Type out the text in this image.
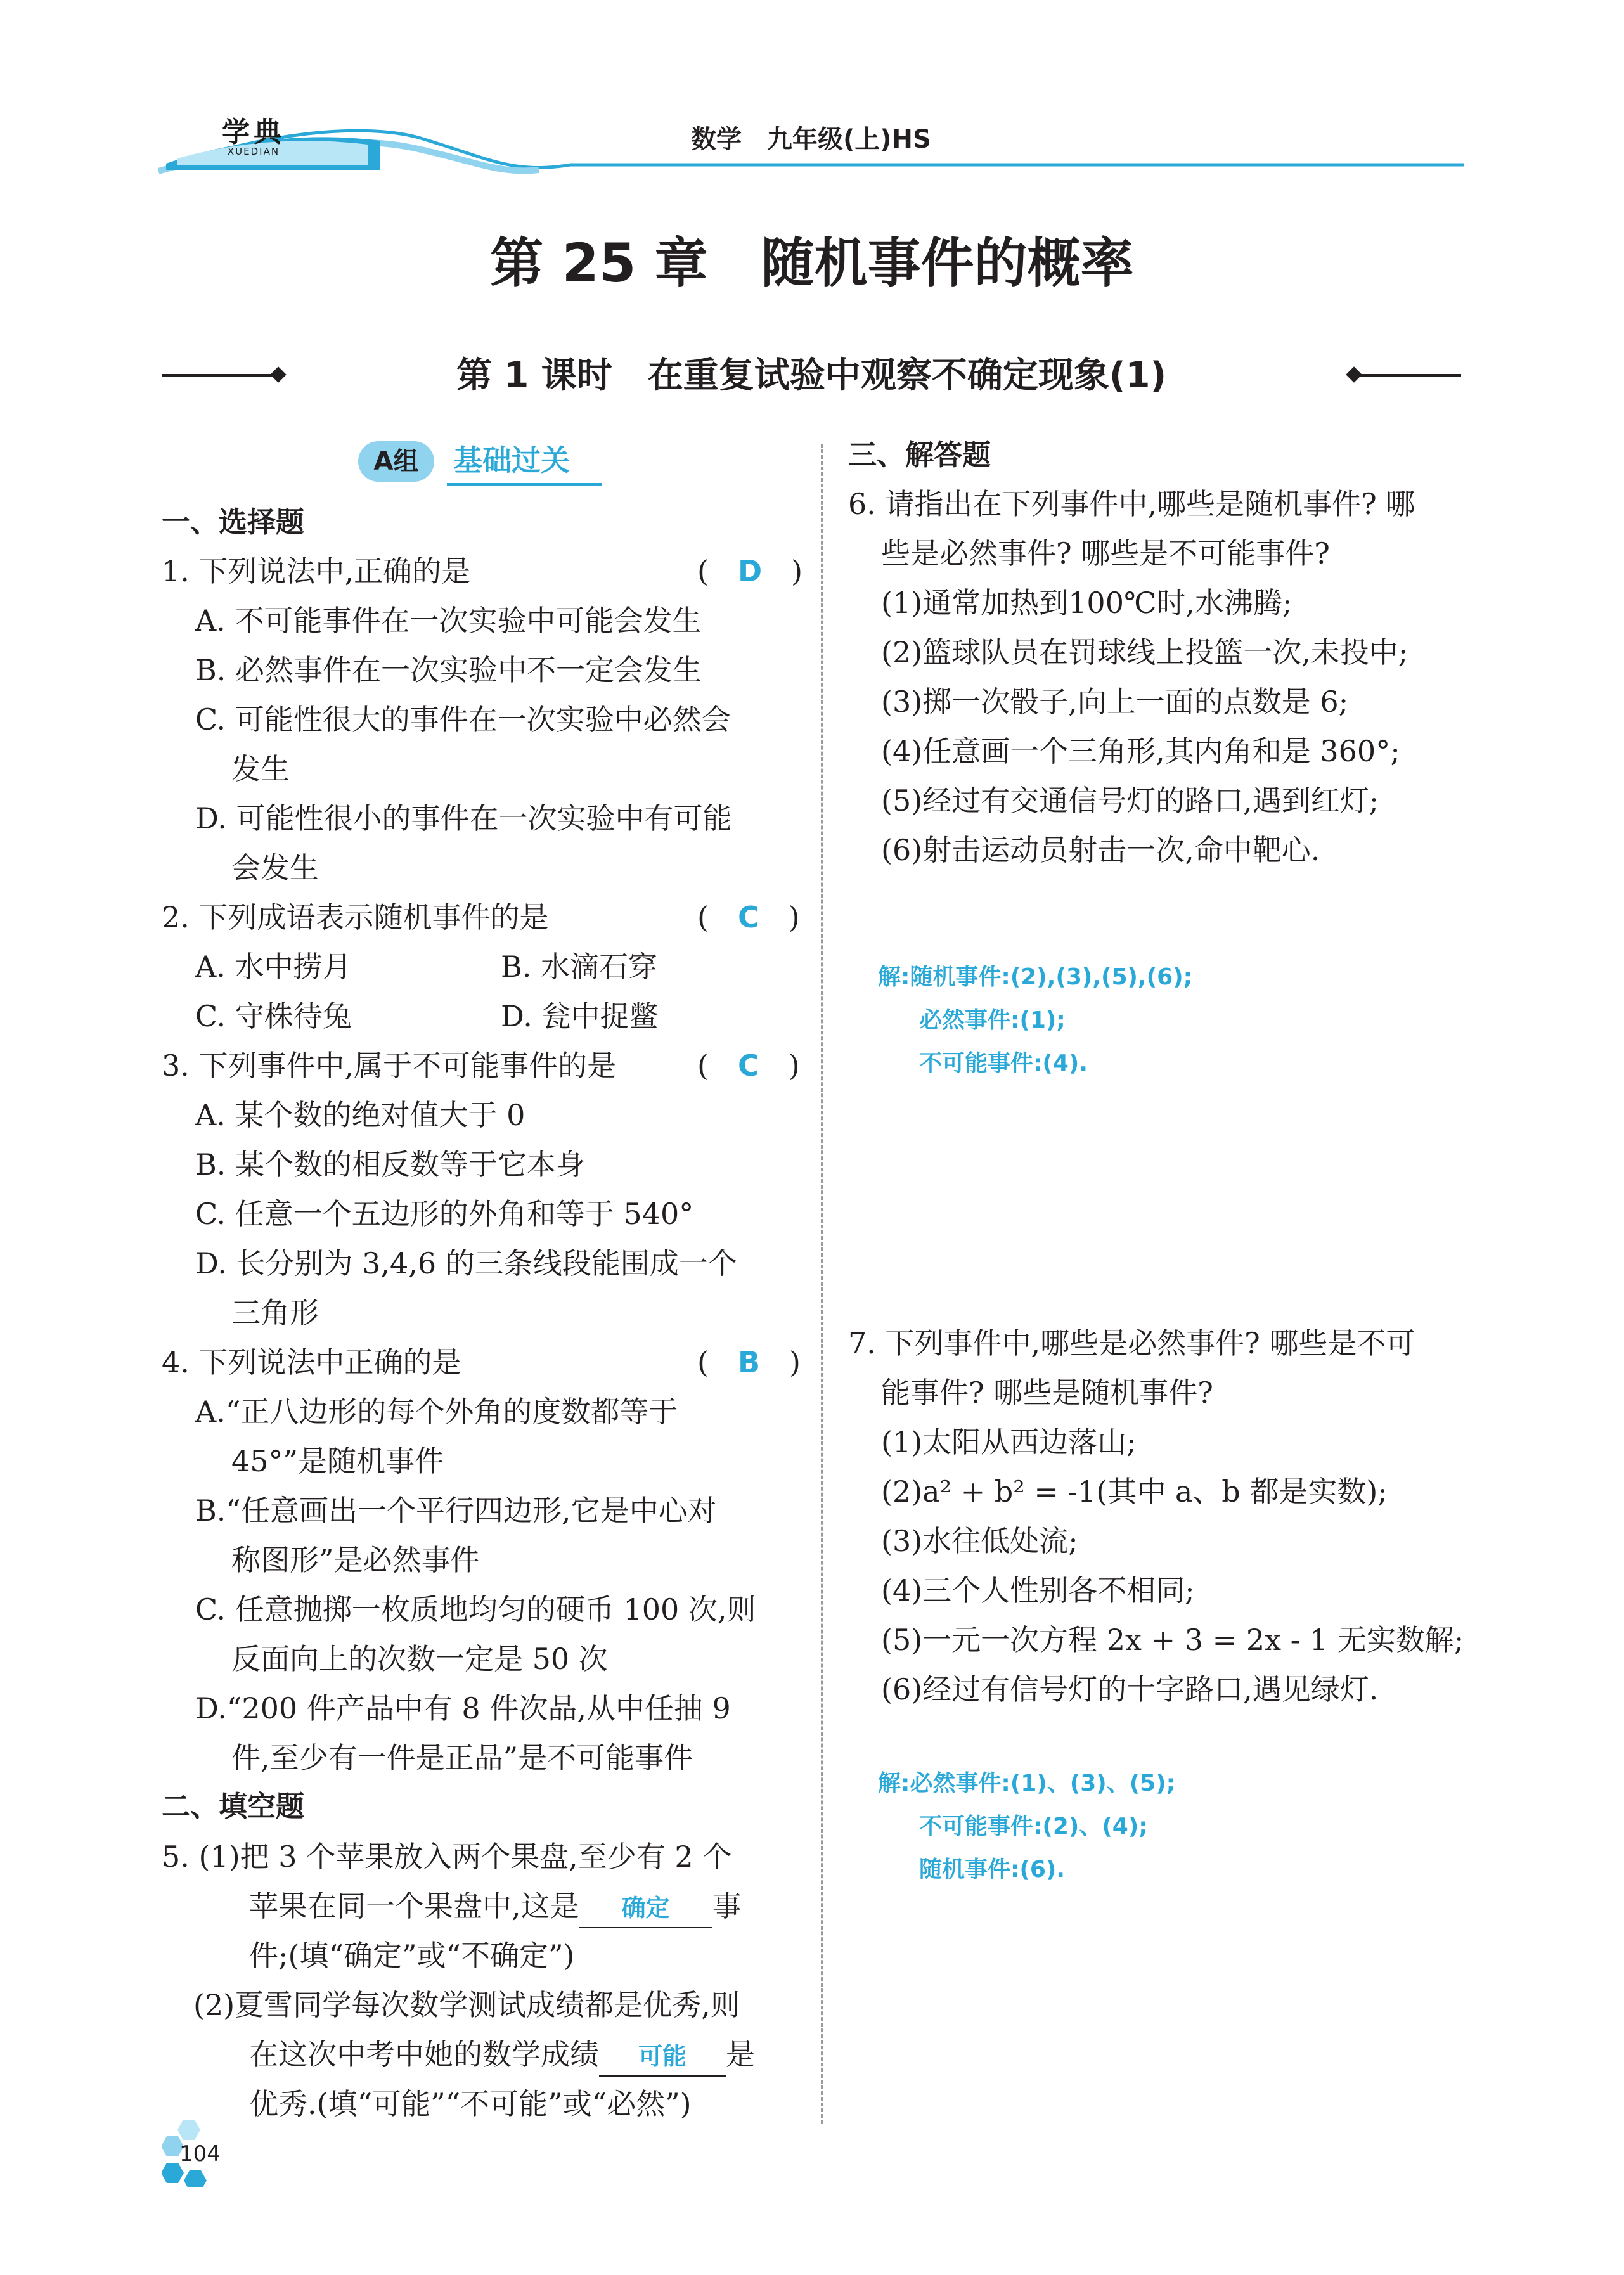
学典
XUEDIAN	数学　九年级(上)HS
第 25 章　随机事件的概率
第 1 课时　在重复试验中观察不确定现象(1)
A组	基础过关
一、选择题
1. 下列说法中,正确的是	(　D　)
A. 不可能事件在一次实验中可能会发生
B. 必然事件在一次实验中不一定会发生
C. 可能性很大的事件在一次实验中必然会
发生
D. 可能性很小的事件在一次实验中有可能
会发生
2. 下列成语表示随机事件的是	(　C　)
A. 水中捞月	B. 水滴石穿
C. 守株待兔	D. 瓮中捉鳖
3. 下列事件中,属于不可能事件的是	(　C　)
A. 某个数的绝对值大于 0
B. 某个数的相反数等于它本身
C. 任意一个五边形的外角和等于 540°
D. 长分别为 3,4,6 的三条线段能围成一个
三角形
4. 下列说法中正确的是	(　B　)
A.“正八边形的每个外角的度数都等于
45°”是随机事件
B.“任意画出一个平行四边形,它是中心对
称图形”是必然事件
C. 任意抛掷一枚质地均匀的硬币 100 次,则
反面向上的次数一定是 50 次
D.“200 件产品中有 8 件次品,从中任抽 9
件,至少有一件是正品”是不可能事件
二、填空题
5. (1)把 3 个苹果放入两个果盘,至少有 2 个
苹果在同一个果盘中,这是 确定 事
件;(填“确定”或“不确定”)
(2)夏雪同学每次数学测试成绩都是优秀,则
在这次中考中她的数学成绩 可能 是
优秀.(填“可能”“不可能”或“必然”)
三、解答题
6. 请指出在下列事件中,哪些是随机事件? 哪
些是必然事件? 哪些是不可能事件?
(1)通常加热到100℃时,水沸腾;
(2)篮球队员在罚球线上投篮一次,未投中;
(3)掷一次骰子,向上一面的点数是 6;
(4)任意画一个三角形,其内角和是 360°;
(5)经过有交通信号灯的路口,遇到红灯;
(6)射击运动员射击一次,命中靶心.
解:随机事件:(2),(3),(5),(6);
必然事件:(1);
不可能事件:(4).
7. 下列事件中,哪些是必然事件? 哪些是不可
能事件? 哪些是随机事件?
(1)太阳从西边落山;
(2)a² + b² = -1(其中 a、b 都是实数);
(3)水往低处流;
(4)三个人性别各不相同;
(5)一元一次方程 2x + 3 = 2x - 1 无实数解;
(6)经过有信号灯的十字路口,遇见绿灯.
解:必然事件:(1)、(3)、(5);
不可能事件:(2)、(4);
随机事件:(6).
104
